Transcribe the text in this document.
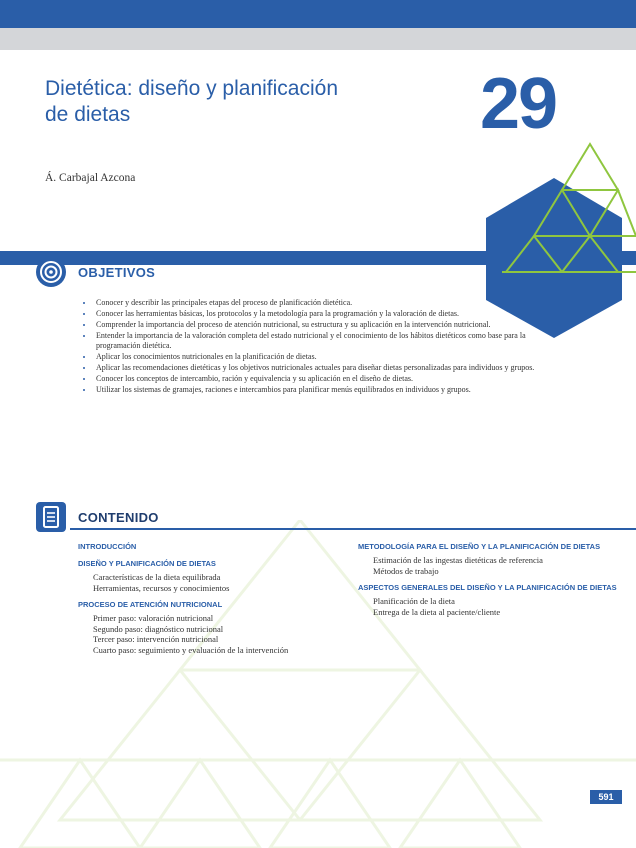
Dietética: diseño y planificación
de dietas	29
Á. Carbajal Azcona
OBJETIVOS
• Conocer y describir las principales etapas del proceso de planificación dietética.
• Conocer las herramientas básicas, los protocolos y la metodología para la programación y la valoración de dietas.
• Comprender la importancia del proceso de atención nutricional, su estructura y su aplicación en la intervención nutricional.
• Entender la importancia de la valoración completa del estado nutricional y el conocimiento de los hábitos dietéticos como base para la programación dietética.
• Aplicar los conocimientos nutricionales en la planificación de dietas.
• Aplicar las recomendaciones dietéticas y los objetivos nutricionales actuales para diseñar dietas personalizadas para individuos y grupos.
• Conocer los conceptos de intercambio, ración y equivalencia y su aplicación en el diseño de dietas.
• Utilizar los sistemas de gramajes, raciones e intercambios para planificar menús equilibrados en individuos y grupos.
CONTENIDO
INTRODUCCIÓN
DISEÑO Y PLANIFICACIÓN DE DIETAS
Características de la dieta equilibrada
Herramientas, recursos y conocimientos
PROCESO DE ATENCIÓN NUTRICIONAL
Primer paso: valoración nutricional
Segundo paso: diagnóstico nutricional
Tercer paso: intervención nutricional
Cuarto paso: seguimiento y evaluación de la intervención
METODOLOGÍA PARA EL DISEÑO Y LA PLANIFICACIÓN DE DIETAS
Estimación de las ingestas dietéticas de referencia
Métodos de trabajo
ASPECTOS GENERALES DEL DISEÑO Y LA PLANIFICACIÓN DE DIETAS
Planificación de la dieta
Entrega de la dieta al paciente/cliente
591
